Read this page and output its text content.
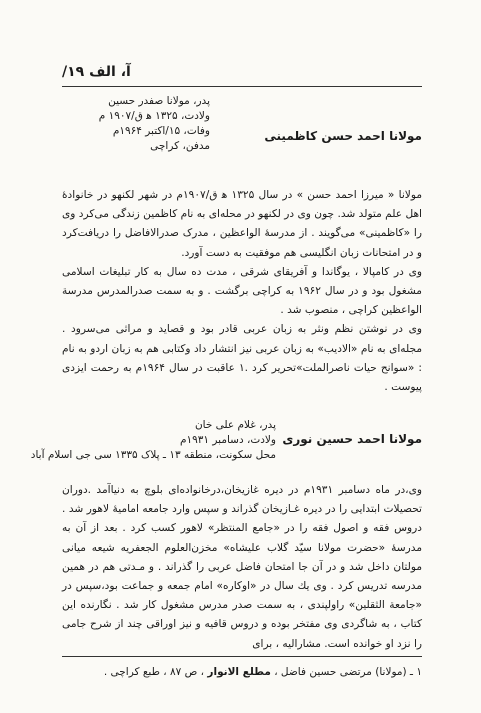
آ، الف ۱۹/
پدر، مولانا صفدر حسین
ولادت، ۱۳۲۵ ه‍ ق/۱۹۰۷ م
وفات، ۱۵/اکتبر ۱۹۶۴م
مدفن، کراچی
مولانا احمد حسن کاظمینی

مولانا « میرزا احمد حسن » در سال ۱۳۲۵ ه‍ ق/۱۹۰۷م در شهر لکنهو در خانوادهٔ اهل علم متولد شد. چون وی در لکنهو در محله‌ای به نام کاظمین زندگی می‌کرد وی را «کاظمینی» می‌گویند . از مدرسهٔ الواعظین ، مدرک صدرالافاضل را دریافت‌کرد و در امتحانات زبان انگلیسی هم موفقیت به دست آورد.

وی در کامپالا ، یوگاندا و آفریقای شرقی ، مدت ده سال به کار تبلیغات اسلامی مشغول بود و در سال ۱۹۶۲ به کراچی برگشت . و به سمت صدرالمدرس مدرسة الواعظین کراچی ، منصوب شد .

وی در نوشتن نظم ونثر به زبان عربی قادر بود و قصاید و مراثی می‌سرود . مجله‌ای به نام «الادیب» به زبان عربی نیز انتشار داد وکتابی هم به زبان اردو به نام : «سوانح حیات ناصرالملت»تحریر کرد .۱ عاقبت در سال ۱۹۶۴م به رحمت ایزدی پیوست .

پدر، غلام علی خان
ولادت، دسامبر ۱۹۳۱م
محل سکونت، منطقه ۱۳ ـ پلاک ۱۳۳۵ سی جی اسلام آباد
مولانا احمد حسین نوری

وی،در ماه دسامبر ۱۹۳۱م در دیره غازیخان،درخانواده‌ای بلوچ به دنیاآمد .دوران تحصیلات ابتدایی را در دیره غـازیخان گذراند و سپس وارد جامعه امامیهٔ لاهور شد . دروس فقه و اصول فقه را در «جامع المنتظر» لاهور کسب کرد . بعد از آن به مدرسهٔ «حضرت مولانا سیّد گلاب علیشاه» مخزن‌العلوم الجعفریه شیعه میانی مولتان داخل شد و در آن جا امتحان فاضل عربی را گذراند . و مـدتی هم در همین مدرسه تدریس کرد . وی یك سال در «اوکاره» امام جمعه و جماعت بود،سپس در «جامعة الثقلین» راولپندی ، به سمت صدر مدرس مشغول کار شد . نگارنده این کتاب ، به شاگردی وی مفتخر بوده و دروس قافیه و نیز اوراقی چند از شرح جامی را نزد او خوانده است. مشارالیه ، برای

۱ ـ (مولانا) مرتضی حسین فاضل ، مطلع الانوار ، ص ۸۷ ، طبع کراچی .
